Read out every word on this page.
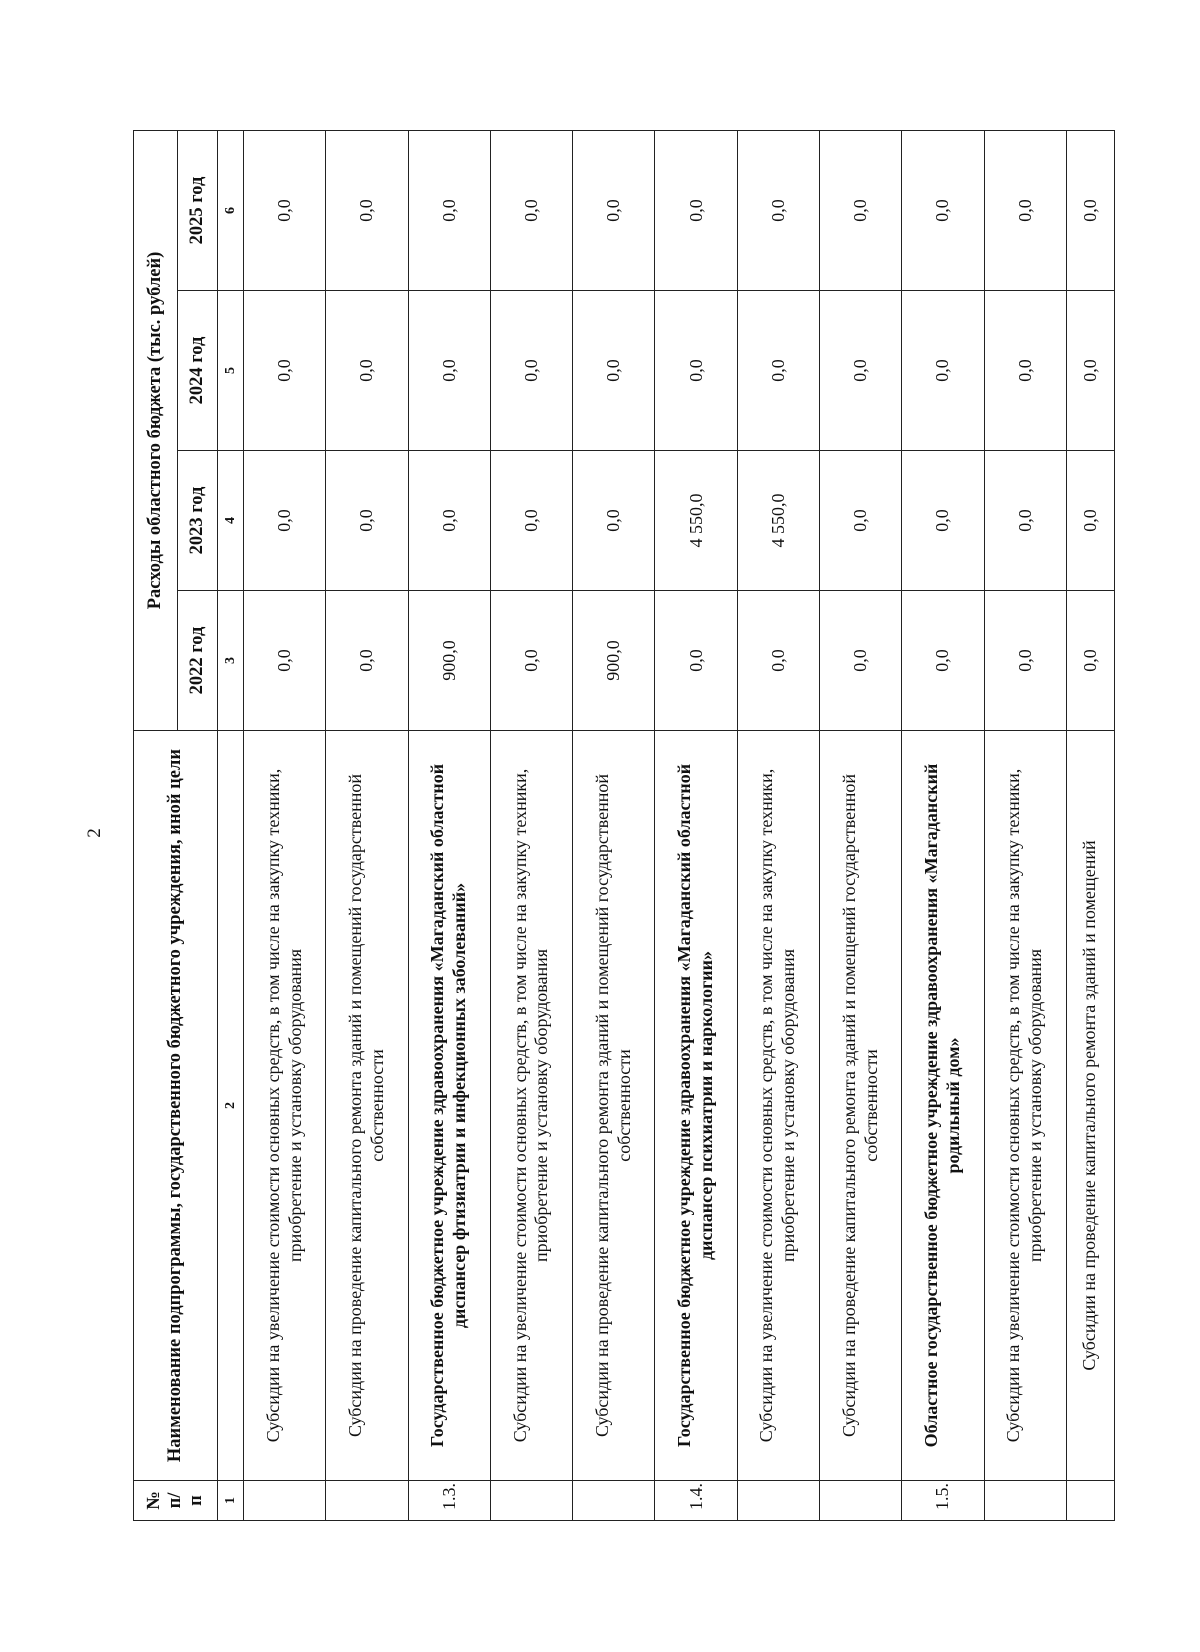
2
№ п/п	Наименование подпрограммы, государственного бюджетного учреждения, иной цели	Расходы областного бюджета (тыс. рублей)			
		2022 год	2023 год	2024 год	2025 год
1	2	3	4	5	6
	Субсидии на увеличение стоимости основных средств, в том числе на закупку техники, приобретение и установку оборудования	0,0	0,0	0,0	0,0
	Субсидии на проведение капитального ремонта зданий и помещений государственной собственности	0,0	0,0	0,0	0,0
1.3.	Государственное бюджетное учреждение здравоохранения «Магаданский областной диспансер фтизиатрии и инфекционных заболеваний»	900,0	0,0	0,0	0,0
	Субсидии на увеличение стоимости основных средств, в том числе на закупку техники, приобретение и установку оборудования	0,0	0,0	0,0	0,0
	Субсидии на проведение капитального ремонта зданий и помещений государственной собственности	900,0	0,0	0,0	0,0
1.4.	Государственное бюджетное учреждение здравоохранения «Магаданский областной диспансер психиатрии и наркологии»	0,0	4 550,0	0,0	0,0
	Субсидии на увеличение стоимости основных средств, в том числе на закупку техники, приобретение и установку оборудования	0,0	4 550,0	0,0	0,0
	Субсидии на проведение капитального ремонта зданий и помещений государственной собственности	0,0	0,0	0,0	0,0
1.5.	Областное государственное бюджетное учреждение здравоохранения «Магаданский родильный дом»	0,0	0,0	0,0	0,0
	Субсидии на увеличение стоимости основных средств, в том числе на закупку техники, приобретение и установку оборудования	0,0	0,0	0,0	0,0
	Субсидии на проведение капитального ремонта зданий и помещений	0,0	0,0	0,0	0,0
